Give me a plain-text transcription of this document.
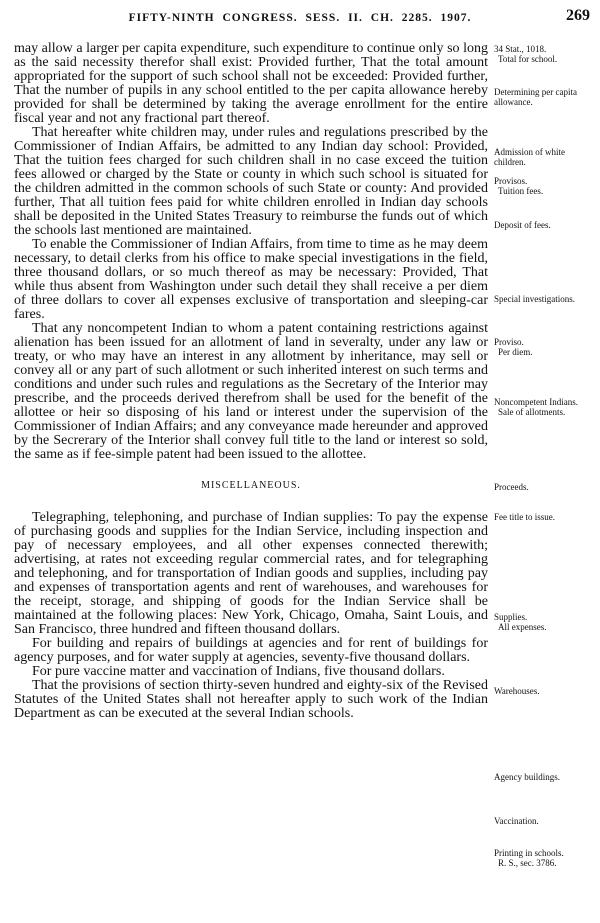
FIFTY-NINTH CONGRESS. SESS. II. CH. 2285. 1907.	269

may allow a larger per capita expenditure, such expenditure to continue only so long as the said necessity therefor shall exist: Provided further, That the total amount appropriated for the support of such school shall not be exceeded: Provided further, That the number of pupils in any school entitled to the per capita allowance hereby provided for shall be determined by taking the average enrollment for the entire fiscal year and not any fractional part thereof.

That hereafter white children may, under rules and regulations prescribed by the Commissioner of Indian Affairs, be admitted to any Indian day school: Provided, That the tuition fees charged for such children shall in no case exceed the tuition fees allowed or charged by the State or county in which such school is situated for the children admitted in the common schools of such State or county: And provided further, That all tuition fees paid for white children enrolled in Indian day schools shall be deposited in the United States Treasury to reimburse the funds out of which the schools last mentioned are maintained.

To enable the Commissioner of Indian Affairs, from time to time as he may deem necessary, to detail clerks from his office to make special investigations in the field, three thousand dollars, or so much thereof as may be necessary: Provided, That while thus absent from Washington under such detail they shall receive a per diem of three dollars to cover all expenses exclusive of transportation and sleeping-car fares.

That any noncompetent Indian to whom a patent containing restrictions against alienation has been issued for an allotment of land in severalty, under any law or treaty, or who may have an interest in any allotment by inheritance, may sell or convey all or any part of such allotment or such inherited interest on such terms and conditions and under such rules and regulations as the Secretary of the Interior may prescribe, and the proceeds derived therefrom shall be used for the benefit of the allottee or heir so disposing of his land or interest under the supervision of the Commissioner of Indian Affairs; and any conveyance made hereunder and approved by the Secrerary of the Interior shall convey full title to the land or interest so sold, the same as if fee-simple patent had been issued to the allottee.

MISCELLANEOUS.

Telegraphing, telephoning, and purchase of Indian supplies: To pay the expense of purchasing goods and supplies for the Indian Service, including inspection and pay of necessary employees, and all other expenses connected therewith; advertising, at rates not exceeding regular commercial rates, and for telegraphing and telephoning, and for transportation of Indian goods and supplies, including pay and expenses of transportation agents and rent of warehouses, and warehouses for the receipt, storage, and shipping of goods for the Indian Service shall be maintained at the following places: New York, Chicago, Omaha, Saint Louis, and San Francisco, three hundred and fifteen thousand dollars.

For building and repairs of buildings at agencies and for rent of buildings for agency purposes, and for water supply at agencies, seventy-five thousand dollars.

For pure vaccine matter and vaccination of Indians, five thousand dollars.

That the provisions of section thirty-seven hundred and eighty-six of the Revised Statutes of the United States shall not hereafter apply to such work of the Indian Department as can be executed at the several Indian schools.

34 Stat., 1018.
Total for school.
Determining per capita allowance.
Admission of white children.
Provisos.
Tuition fees.
Deposit of fees.
Special investigations.
Proviso.
Per diem.
Noncompetent Indians.
Sale of allotments.
Proceeds.
Fee title to issue.
Supplies.
All expenses.
Warehouses.
Agency buildings.
Vaccination.
Printing in schools.
R. S., sec. 3786.
